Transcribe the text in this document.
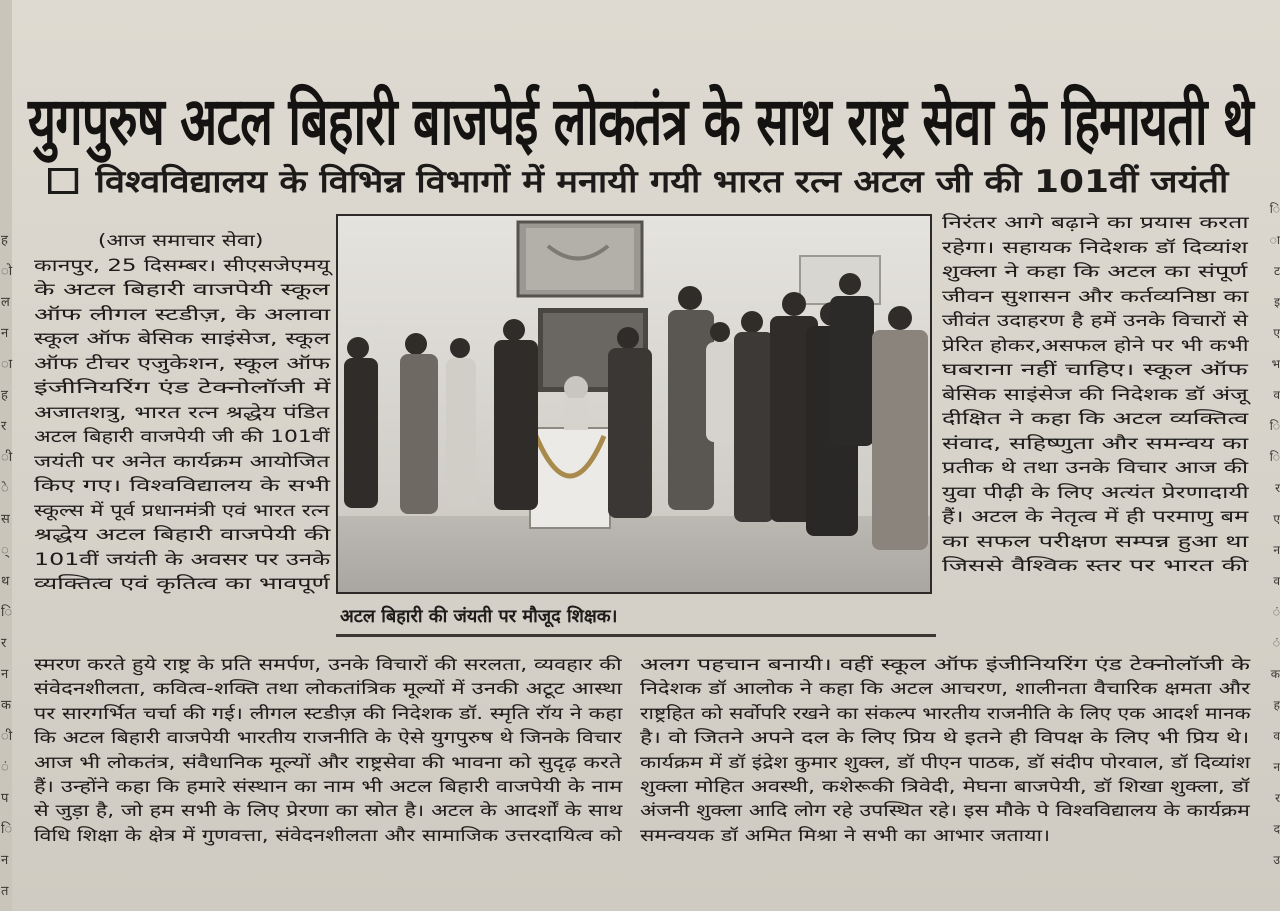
ह
ो
ल
न
ा
ह
र
ी
े
स
्
थ
ि
र
न
क
ी
ं
प
ि
न
त
ि
ा
ट
इ
ए
भ
व
ि
ि
र
ए
न
व
ं
ं
क
ह
व
न
र
द
उ
युगपुरुष अटल बिहारी बाजपेई लोकतंत्र के साथ राष्ट्र सेवा के हिमायती थे
विश्वविद्यालय के विभिन्न विभागों में मनायी गयी भारत रत्न अटल जी की 101वीं जयंती
(आज समाचार सेवा)
कानपुर, 25 दिसम्बर। सीएसजेएमयू
के अटल बिहारी वाजपेयी स्कूल
ऑफ लीगल स्टडीज़, के अलावा
स्कूल ऑफ बेसिक साइंसेज, स्कूल
ऑफ टीचर एजुकेशन, स्कूल ऑफ
इंजीनियरिंग एंड टेक्नोलॉजी में
अजातशत्रु, भारत रत्न श्रद्धेय पंडित
अटल बिहारी वाजपेयी जी की 101वीं
जयंती पर अनेत कार्यक्रम आयोजित
किए गए। विश्वविद्यालय के सभी
स्कूल्स में पूर्व प्रधानमंत्री एवं भारत रत्न
श्रद्धेय अटल बिहारी वाजपेयी की
101वीं जयंती के अवसर पर उनके
व्यक्तित्व एवं कृतित्व का भावपूर्ण
निरंतर आगे बढ़ाने का प्रयास करता
रहेगा। सहायक निदेशक डॉ दिव्यांश
शुक्ला ने कहा कि अटल का संपूर्ण
जीवन सुशासन और कर्तव्यनिष्ठा का
जीवंत उदाहरण है हमें उनके विचारों से
प्रेरित होकर,असफल होने पर भी कभी
घबराना नहीं चाहिए। स्कूल ऑफ
बेसिक साइंसेज की निदेशक डॉ अंजू
दीक्षित ने कहा कि अटल व्यक्तित्व
संवाद, सहिष्णुता और समन्वय का
प्रतीक थे तथा उनके विचार आज की
युवा पीढ़ी के लिए अत्यंत प्रेरणादायी
हैं। अटल के नेतृत्व में ही परमाणु बम
का सफल परीक्षण सम्पन्न हुआ था
जिससे वैश्विक स्तर पर भारत की
अटल बिहारी की जंयती पर मौजूद शिक्षक।
स्मरण करते हुये राष्ट्र के प्रति समर्पण, उनके विचारों की सरलता, व्यवहार की
संवेदनशीलता, कवित्व-शक्ति तथा लोकतांत्रिक मूल्यों में उनकी अटूट आस्था
पर सारगर्भित चर्चा की गई। लीगल स्टडीज़ की निदेशक डॉ. स्मृति रॉय ने कहा
कि अटल बिहारी वाजपेयी भारतीय राजनीति के ऐसे युगपुरुष थे जिनके विचार
आज भी लोकतंत्र, संवैधानिक मूल्यों और राष्ट्रसेवा की भावना को सुदृढ़ करते
हैं। उन्होंने कहा कि हमारे संस्थान का नाम भी अटल बिहारी वाजपेयी के नाम
से जुड़ा है, जो हम सभी के लिए प्रेरणा का स्रोत है। अटल के आदर्शों के साथ
विधि शिक्षा के क्षेत्र में गुणवत्ता, संवेदनशीलता और सामाजिक उत्तरदायित्व को
अलग पहचान बनायी। वहीं स्कूल ऑफ इंजीनियरिंग एंड टेक्नोलॉजी के
निदेशक डॉ आलोक ने कहा कि अटल आचरण, शालीनता वैचारिक क्षमता और
राष्ट्रहित को सर्वोपरि रखने का संकल्प भारतीय राजनीति के लिए एक आदर्श मानक
है। वो जितने अपने दल के लिए प्रिय थे इतने ही विपक्ष के लिए भी प्रिय थे।
कार्यक्रम में डॉ इंद्रेश कुमार शुक्ल, डॉ पीएन पाठक, डॉ संदीप पोरवाल, डॉ दिव्यांश
शुक्ला मोहित अवस्थी, कशेरूकी त्रिवेदी, मेघना बाजपेयी, डॉ शिखा शुक्ला, डॉ
अंजनी शुक्ला आदि लोग रहे उपस्थित रहे। इस मौके पे विश्वविद्यालय के कार्यक्रम
समन्वयक डॉ अमित मिश्रा ने सभी का आभार जताया।
